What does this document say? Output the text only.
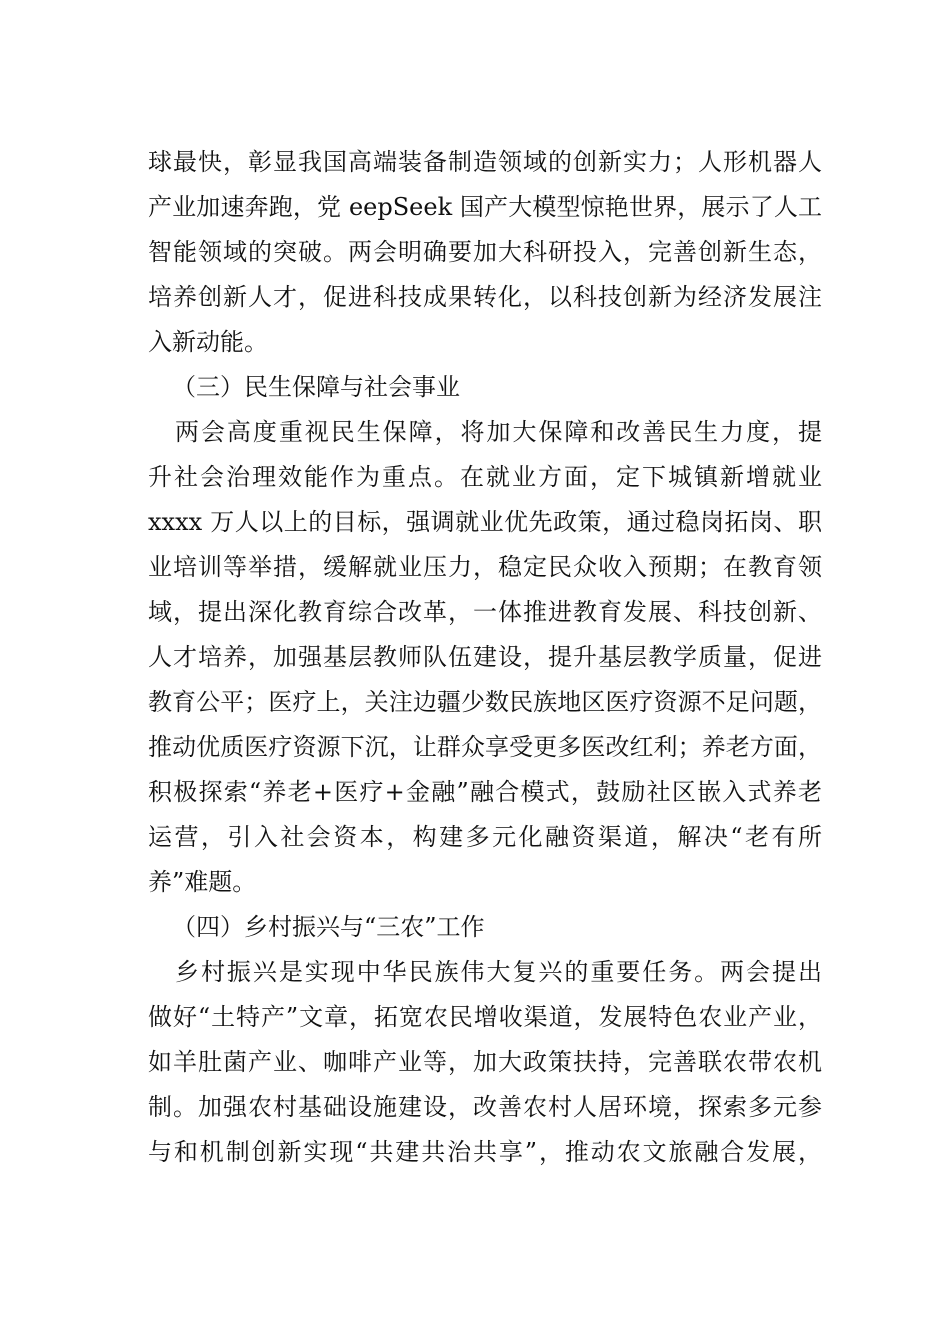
球最快，彰显我国高端装备制造领域的创新实力；人形机器人
产业加速奔跑，党 eepSeek 国产大模型惊艳世界，展示了人工
智能领域的突破。两会明确要加大科研投入，完善创新生态，
培养创新人才，促进科技成果转化，以科技创新为经济发展注
入新动能。
（三）民生保障与社会事业
两会高度重视民生保障，将加大保障和改善民生力度，提
升社会治理效能作为重点。在就业方面，定下城镇新增就业
xxxx 万人以上的目标，强调就业优先政策，通过稳岗拓岗、职
业培训等举措，缓解就业压力，稳定民众收入预期；在教育领
域，提出深化教育综合改革，一体推进教育发展、科技创新、
人才培养，加强基层教师队伍建设，提升基层教学质量，促进
教育公平；医疗上，关注边疆少数民族地区医疗资源不足问题，
推动优质医疗资源下沉，让群众享受更多医改红利；养老方面，
积极探索“养老+医疗+金融”融合模式，鼓励社区嵌入式养老
运营，引入社会资本，构建多元化融资渠道，解决“老有所
养”难题。
（四）乡村振兴与“三农”工作
乡村振兴是实现中华民族伟大复兴的重要任务。两会提出
做好“土特产”文章，拓宽农民增收渠道，发展特色农业产业，
如羊肚菌产业、咖啡产业等，加大政策扶持，完善联农带农机
制。加强农村基础设施建设，改善农村人居环境，探索多元参
与和机制创新实现“共建共治共享”，推动农文旅融合发展，
